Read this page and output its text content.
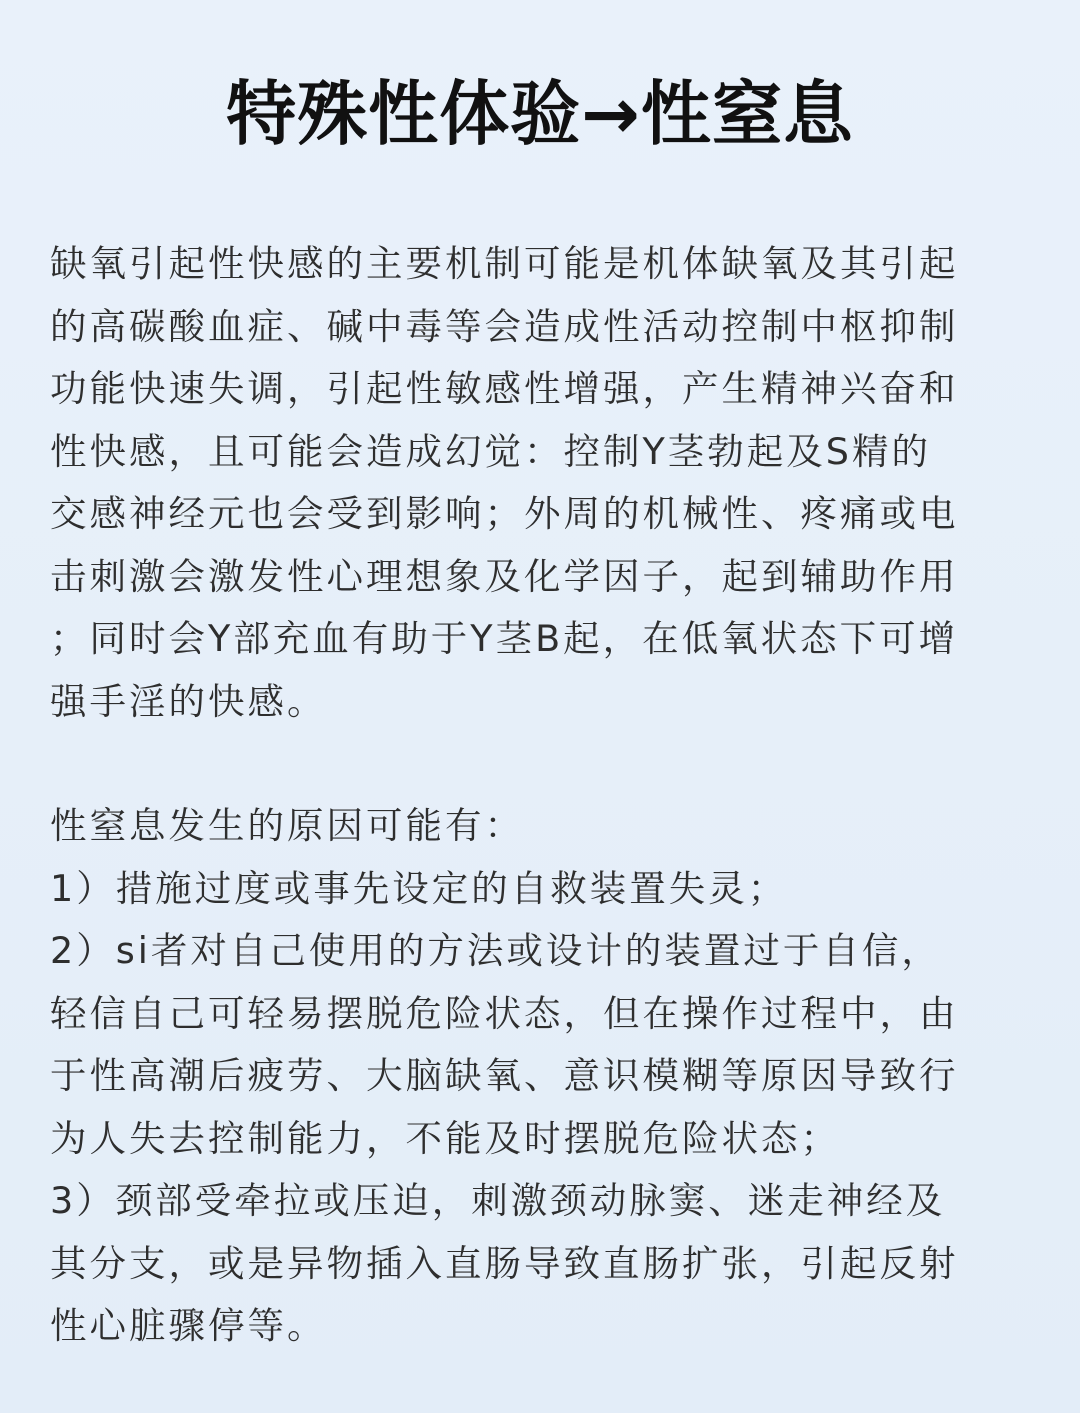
特殊性体验→性窒息
缺氧引起性快感的主要机制可能是机体缺氧及其引起
的高碳酸血症、碱中毒等会造成性活动控制中枢抑制
功能快速失调，引起性敏感性增强，产生精神兴奋和
性快感，且可能会造成幻觉：控制Y茎勃起及S精的
交感神经元也会受到影响；外周的机械性、疼痛或电
击刺激会激发性心理想象及化学因子，起到辅助作用
；同时会Y部充血有助于Y茎B起，在低氧状态下可增
强手淫的快感。
性窒息发生的原因可能有：
1）措施过度或事先设定的自救装置失灵；
2）si者对自己使用的方法或设计的装置过于自信，
轻信自己可轻易摆脱危险状态，但在操作过程中，由
于性高潮后疲劳、大脑缺氧、意识模糊等原因导致行
为人失去控制能力，不能及时摆脱危险状态；
3）颈部受牵拉或压迫，刺激颈动脉窦、迷走神经及
其分支，或是异物插入直肠导致直肠扩张，引起反射
性心脏骤停等。
